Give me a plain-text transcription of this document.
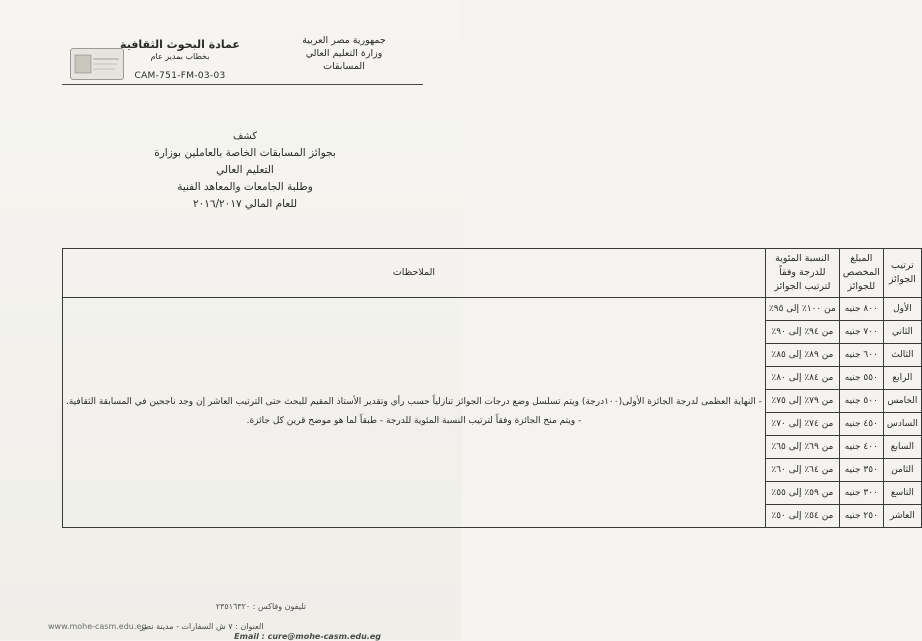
جمهورية مصر العربية
وزارة التعليم العالي
المسابقات
عمادة البحوث الثقافية
بخطاب بمدير عام
CAM-751-FM-03-03
كشف
بجوائز المسابقات الخاصة بالعاملين بوزارة التعليم العالي
وطلبة الجامعات والمعاهد الفنية
للعام المالي ٢٠١٦/٢٠١٧
ترتيب الجوائز	المبلغ المخصص للجوائز	النسبة المئوية للدرجة وفقاً لترتيب الجوائز	الملاحظات
الأول	٨٠٠ جنيه	من ١٠٠٪ إلى ٩٥٪	- النهاية العظمى لدرجة الجائزة الأولى(١٠٠درجة) ويتم تسلسل وضع درجات الجوائز تنازلياً حسب رأي وتقدير الأستاذ المقيم للبحث حتى الترتيب العاشر إن وجد ناجحين في المسابقة الثقافية.

- ويتم منح الجائزة وفقاً لترتيب النسبة المئوية للدرجة - طبقاً لما هو موضح قرين كل جائزة.

الثاني	٧٠٠ جنيه	من ٩٤٪ إلى ٩٠٪	
الثالث	٦٠٠ جنيه	من ٨٩٪ إلى ٨٥٪	
الرابع	٥٥٠ جنيه	من ٨٤٪ إلى ٨٠٪	
الخامس	٥٠٠ جنيه	من ٧٩٪ إلى ٧٥٪	
السادس	٤٥٠ جنيه	من ٧٤٪ إلى ٧٠٪	
السابع	٤٠٠ جنيه	من ٦٩٪ إلى ٦٥٪	
الثامن	٣٥٠ جنيه	من ٦٤٪ إلى ٦٠٪	
التاسع	٣٠٠ جنيه	من ٥٩٪ إلى ٥٥٪	
العاشر	٢٥٠ جنيه	من ٥٤٪ إلى ٥٠٪	
تليفون وفاكس : ٢٣٥١٦٣٢٠
www.mohe-casm.edu.eg
العنوان : ٧ ش السفارات - مدينة نصر
Email : cure@mohe-casm.edu.eg
